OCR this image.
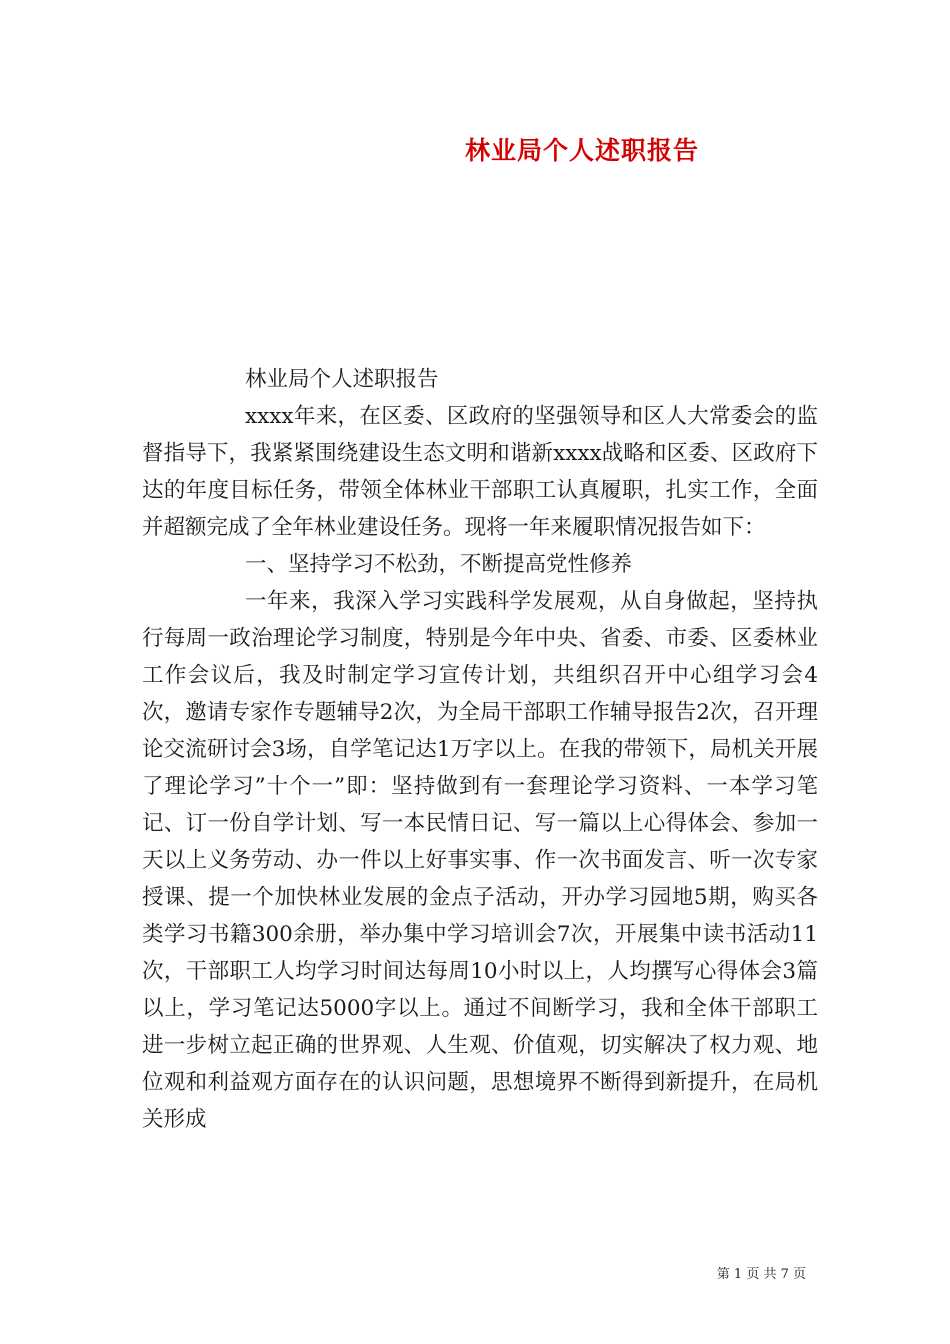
林业局个人述职报告

林业局个人述职报告

xxxx年来，在区委、区政府的坚强领导和区人大常委会的监督指导下，我紧紧围绕建设生态文明和谐新xxxx战略和区委、区政府下达的年度目标任务，带领全体林业干部职工认真履职，扎实工作，全面并超额完成了全年林业建设任务。现将一年来履职情况报告如下：

一、坚持学习不松劲，不断提高党性修养

一年来，我深入学习实践科学发展观，从自身做起，坚持执行每周一政治理论学习制度，特别是今年中央、省委、市委、区委林业工作会议后，我及时制定学习宣传计划，共组织召开中心组学习会4次，邀请专家作专题辅导2次，为全局干部职工作辅导报告2次，召开理论交流研讨会3场，自学笔记达1万字以上。在我的带领下，局机关开展了理论学习”十个一”即：坚持做到有一套理论学习资料、一本学习笔记、订一份自学计划、写一本民情日记、写一篇以上心得体会、参加一天以上义务劳动、办一件以上好事实事、作一次书面发言、听一次专家授课、提一个加快林业发展的金点子活动，开办学习园地5期，购买各类学习书籍300余册，举办集中学习培训会7次，开展集中读书活动11次，干部职工人均学习时间达每周10小时以上，人均撰写心得体会3篇以上，学习笔记达5000字以上。通过不间断学习，我和全体干部职工进一步树立起正确的世界观、人生观、价值观，切实解决了权力观、地位观和利益观方面存在的认识问题，思想境界不断得到新提升，在局机关形成

第 1 页 共 7 页
